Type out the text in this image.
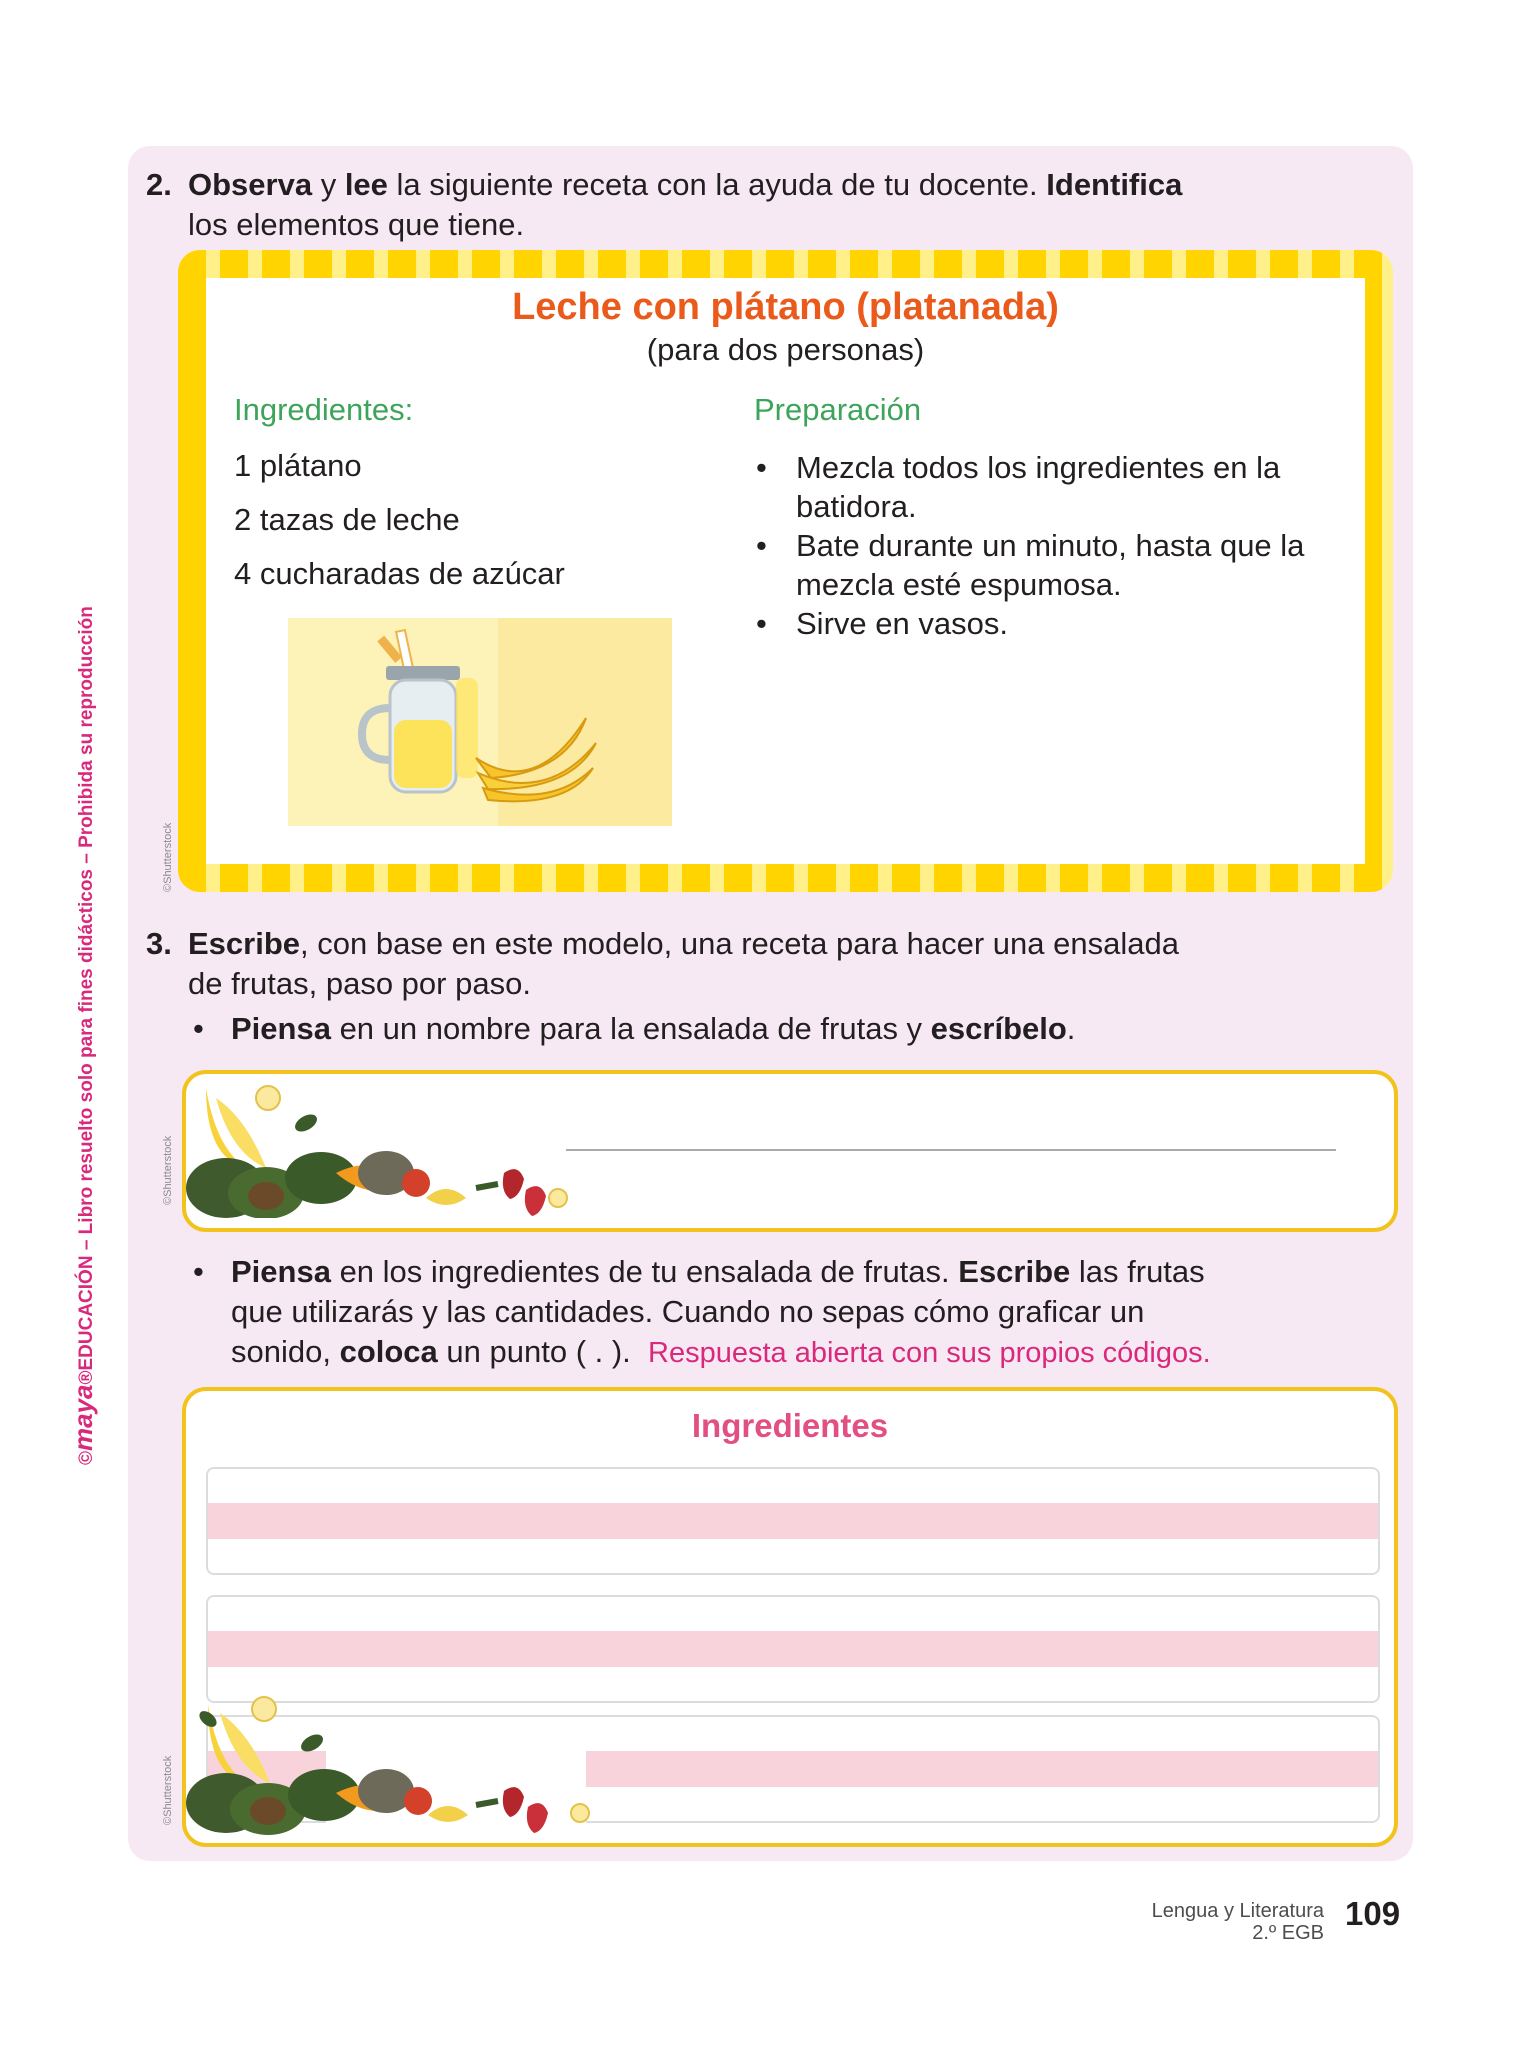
©maya®EDUCACIÓN – Libro resuelto solo para fines didácticos – Prohibida su reproducción
2. Observa y lee la siguiente receta con la ayuda de tu docente. Identifica
los elementos que tiene.
Leche con plátano (platanada)
(para dos personas)
Ingredientes:
1 plátano
2 tazas de leche
4 cucharadas de azúcar
Preparación
• Mezcla todos los ingredientes en la batidora.
• Bate durante un minuto, hasta que la mezcla esté espumosa.
• Sirve en vasos.
©Shutterstock
3. Escribe, con base en este modelo, una receta para hacer una ensalada
de frutas, paso por paso.
• Piensa en un nombre para la ensalada de frutas y escríbelo.
©Shutterstock
• Piensa en los ingredientes de tu ensalada de frutas. Escribe las frutas
que utilizarás y las cantidades. Cuando no sepas cómo graficar un
sonido, coloca un punto ( . ). Respuesta abierta con sus propios códigos.
Ingredientes
©Shutterstock
Lengua y Literatura
2.º EGB
109
